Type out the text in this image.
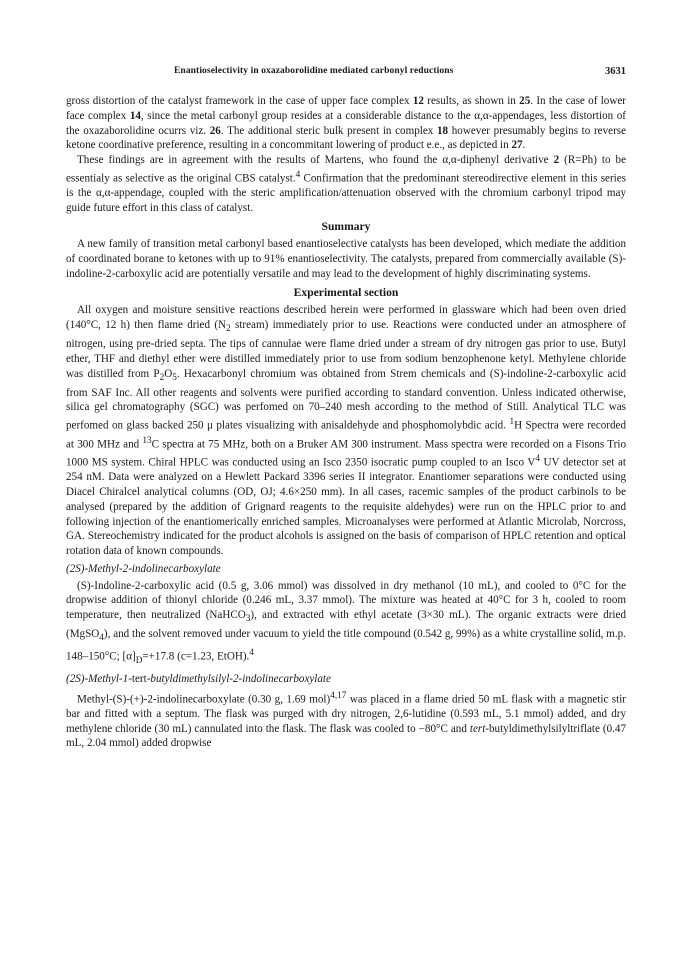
Enantioselectivity in oxazaborolidine mediated carbonyl reductions	3631

gross distortion of the catalyst framework in the case of upper face complex 12 results, as shown in 25. In the case of lower face complex 14, since the metal carbonyl group resides at a considerable distance to the α,α-appendages, less distortion of the oxazaborolidine ocurrs viz. 26. The additional steric bulk present in complex 18 however presumably begins to reverse ketone coordinative preference, resulting in a concommitant lowering of product e.e., as depicted in 27.

These findings are in agreement with the results of Martens, who found the α,α-diphenyl derivative 2 (R=Ph) to be essentialy as selective as the original CBS catalyst.$^4$ Confirmation that the predominant stereodirective element in this series is the α,α-appendage, coupled with the steric amplification/attenuation observed with the chromium carbonyl tripod may guide future effort in this class of catalyst.

Summary

A new family of transition metal carbonyl based enantioselective catalysts has been developed, which mediate the addition of coordinated borane to ketones with up to 91% enantioselectivity. The catalysts, prepared from commercially available (S)-indoline-2-carboxylic acid are potentially versatile and may lead to the development of highly discriminating systems.

Experimental section

All oxygen and moisture sensitive reactions described herein were performed in glassware which had been oven dried (140°C, 12 h) then flame dried ($N_2$ stream) immediately prior to use. Reactions were conducted under an atmosphere of nitrogen, using pre-dried septa. The tips of cannulae were flame dried under a stream of dry nitrogen gas prior to use. Butyl ether, THF and diethyl ether were distilled immediately prior to use from sodium benzophenone ketyl. Methylene chloride was distilled from $P_2O_5$. Hexacarbonyl chromium was obtained from Strem chemicals and (S)-indoline-2-carboxylic acid from SAF Inc. All other reagents and solvents were purified according to standard convention. Unless indicated otherwise, silica gel chromatography (SGC) was perfomed on 70–240 mesh according to the method of Still. Analytical TLC was perfomed on glass backed 250 μ plates visualizing with anisaldehyde and phosphomolybdic acid. $^1$H Spectra were recorded at 300 MHz and $^{13}$C spectra at 75 MHz, both on a Bruker AM 300 instrument. Mass spectra were recorded on a Fisons Trio 1000 MS system. Chiral HPLC was conducted using an Isco 2350 isocratic pump coupled to an Isco $V^4$ UV detector set at 254 nM. Data were analyzed on a Hewlett Packard 3396 series II integrator. Enantiomer separations were conducted using Diacel Chiralcel analytical columns (OD, OJ; 4.6×250 mm). In all cases, racemic samples of the product carbinols to be analysed (prepared by the addition of Grignard reagents to the requisite aldehydes) were run on the HPLC prior to and following injection of the enantiomerically enriched samples. Microanalyses were performed at Atlantic Microlab, Norcross, GA. Stereochemistry indicated for the product alcohols is assigned on the basis of comparison of HPLC retention and optical rotation data of known compounds.

(2S)-Methyl-2-indolinecarboxylate

(S)-Indoline-2-carboxylic acid (0.5 g, 3.06 mmol) was dissolved in dry methanol (10 mL), and cooled to 0°C for the dropwise addition of thionyl chloride (0.246 mL, 3.37 mmol). The mixture was heated at 40°C for 3 h, cooled to room temperature, then neutralized (NaHCO$_3$), and extracted with ethyl acetate (3×30 mL). The organic extracts were dried (MgSO$_4$), and the solvent removed under vacuum to yield the title compound (0.542 g, 99%) as a white crystalline solid, m.p. 148–150°C; $[\alpha]_D=+17.8$ (c=1.23, EtOH).$^4$

(2S)-Methyl-1-tert-butyldimethylsilyl-2-indolinecarboxylate

Methyl-(S)-(+)-2-indolinecarboxylate (0.30 g, 1.69 mol)$^{4,17}$ was placed in a flame dried 50 mL flask with a magnetic stir bar and fitted with a septum. The flask was purged with dry nitrogen, 2,6-lutidine (0.593 mL, 5.1 mmol) added, and dry methylene chloride (30 mL) cannulated into the flask. The flask was cooled to −80°C and tert-butyldimethylsilyltriflate (0.47 mL, 2.04 mmol) added dropwise
